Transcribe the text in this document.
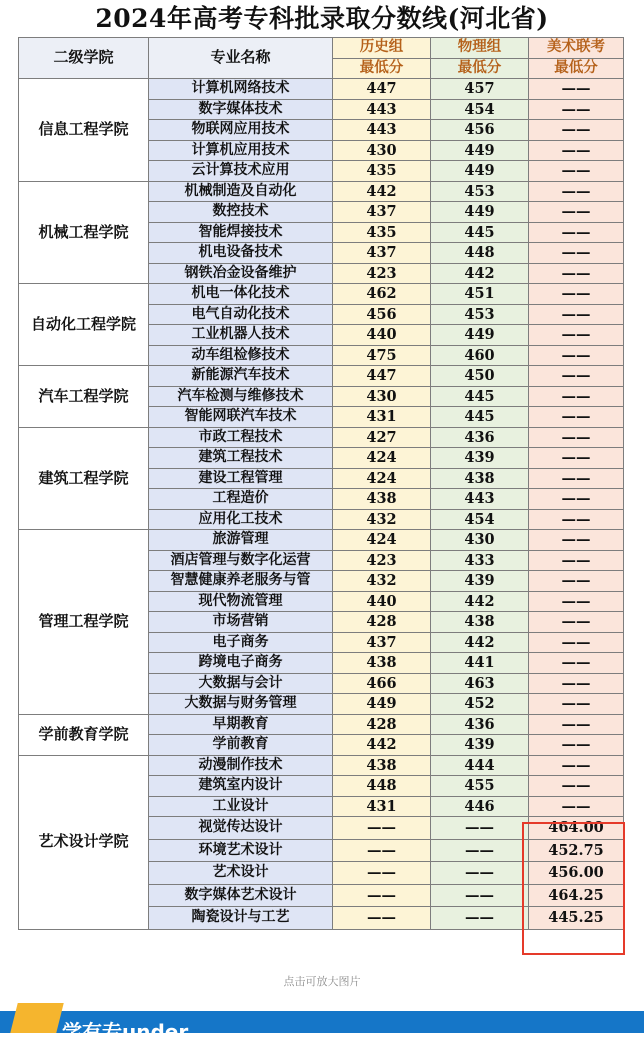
2024年高考专科批录取分数线(河北省)
二级学院	专业名称	历史组	物理组	美术联考
		最低分	最低分	最低分
信息工程学院	计算机网络技术	447	457	——
	数字媒体技术	443	454	——
	物联网应用技术	443	456	——
	计算机应用技术	430	449	——
	云计算技术应用	435	449	——
机械工程学院	机械制造及自动化	442	453	——
	数控技术	437	449	——
	智能焊接技术	435	445	——
	机电设备技术	437	448	——
	钢铁冶金设备维护	423	442	——
自动化工程学院	机电一体化技术	462	451	——
	电气自动化技术	456	453	——
	工业机器人技术	440	449	——
	动车组检修技术	475	460	——
汽车工程学院	新能源汽车技术	447	450	——
	汽车检测与维修技术	430	445	——
	智能网联汽车技术	431	445	——
建筑工程学院	市政工程技术	427	436	——
	建筑工程技术	424	439	——
	建设工程管理	424	438	——
	工程造价	438	443	——
	应用化工技术	432	454	——
管理工程学院	旅游管理	424	430	——
	酒店管理与数字化运营	423	433	——
	智慧健康养老服务与管	432	439	——
	现代物流管理	440	442	——
	市场营销	428	438	——
	电子商务	437	442	——
	跨境电子商务	438	441	——
	大数据与会计	466	463	——
	大数据与财务管理	449	452	——
学前教育学院	早期教育	428	436	——
	学前教育	442	439	——
艺术设计学院	动漫制作技术	438	444	——
	建筑室内设计	448	455	——
	工业设计	431	446	——
	视觉传达设计	——	——	464.00
	环境艺术设计	——	——	452.75
	艺术设计	——	——	456.00
	数字媒体艺术设计	——	——	464.25
	陶瓷设计与工艺	——	——	445.25
点击可放大图片
学有专under
